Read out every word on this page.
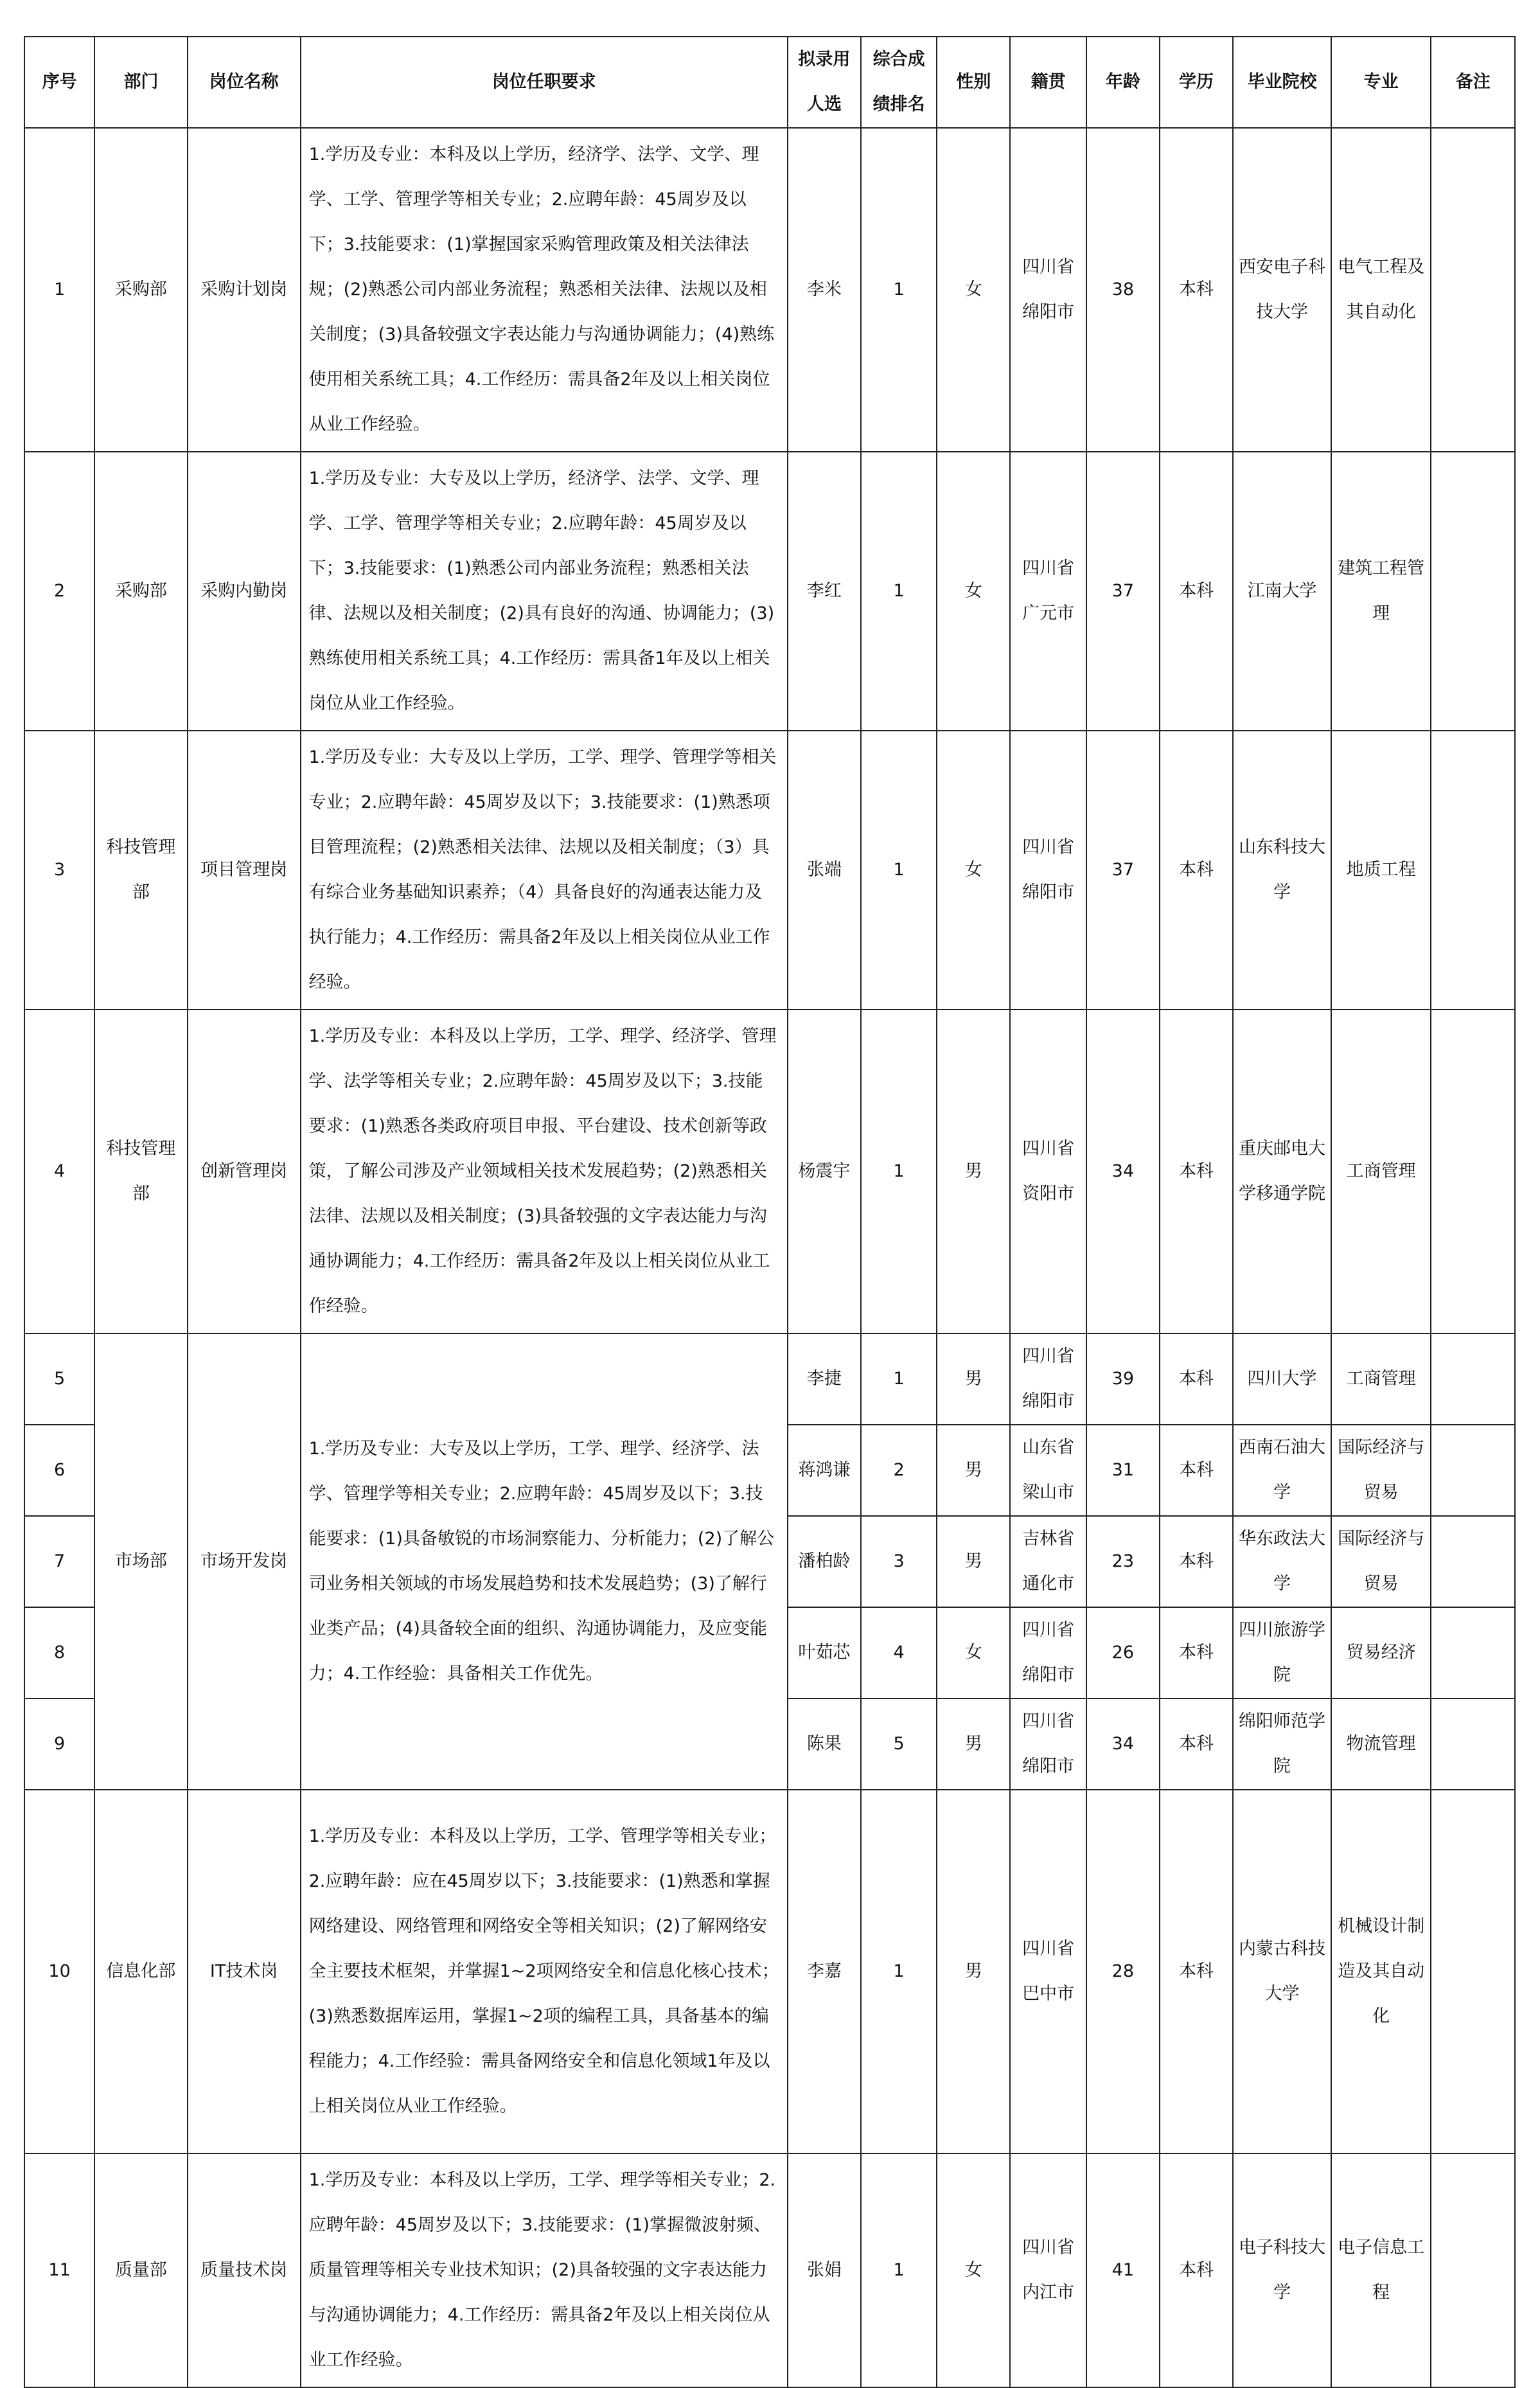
序号	部门	岗位名称	岗位任职要求	拟录用人选	综合成绩排名	性别	籍贯	年龄	学历	毕业院校	专业	备注
1	采购部	采购计划岗	1.学历及专业：本科及以上学历，经济学、法学、文学、理学、工学、管理学等相关专业；2.应聘年龄：45周岁及以下；3.技能要求：(1)掌握国家采购管理政策及相关法律法规；(2)熟悉公司内部业务流程；熟悉相关法律、法规以及相关制度；(3)具备较强文字表达能力与沟通协调能力；(4)熟练使用相关系统工具；4.工作经历：需具备2年及以上相关岗位从业工作经验。	李米	1	女	四川省绵阳市	38	本科	西安电子科技大学	电气工程及其自动化	
2	采购部	采购内勤岗	1.学历及专业：大专及以上学历，经济学、法学、文学、理学、工学、管理学等相关专业；2.应聘年龄：45周岁及以下；3.技能要求：(1)熟悉公司内部业务流程；熟悉相关法律、法规以及相关制度；(2)具有良好的沟通、协调能力；(3)熟练使用相关系统工具；4.工作经历：需具备1年及以上相关岗位从业工作经验。	李红	1	女	四川省广元市	37	本科	江南大学	建筑工程管理	
3	科技管理部	项目管理岗	1.学历及专业：大专及以上学历，工学、理学、管理学等相关专业；2.应聘年龄：45周岁及以下；3.技能要求：(1)熟悉项目管理流程；(2)熟悉相关法律、法规以及相关制度；（3）具有综合业务基础知识素养；（4）具备良好的沟通表达能力及执行能力；4.工作经历：需具备2年及以上相关岗位从业工作经验。	张端	1	女	四川省绵阳市	37	本科	山东科技大学	地质工程	
4	科技管理部	创新管理岗	1.学历及专业：本科及以上学历，工学、理学、经济学、管理学、法学等相关专业；2.应聘年龄：45周岁及以下；3.技能要求：(1)熟悉各类政府项目申报、平台建设、技术创新等政策，了解公司涉及产业领域相关技术发展趋势；(2)熟悉相关法律、法规以及相关制度；(3)具备较强的文字表达能力与沟通协调能力；4.工作经历：需具备2年及以上相关岗位从业工作经验。	杨震宇	1	男	四川省资阳市	34	本科	重庆邮电大学移通学院	工商管理	
5	市场部	市场开发岗	1.学历及专业：大专及以上学历，工学、理学、经济学、法学、管理学等相关专业；2.应聘年龄：45周岁及以下；3.技能要求：(1)具备敏锐的市场洞察能力、分析能力；(2)了解公司业务相关领域的市场发展趋势和技术发展趋势；(3)了解行业类产品；(4)具备较全面的组织、沟通协调能力，及应变能力；4.工作经验：具备相关工作优先。	李捷	1	男	四川省绵阳市	39	本科	四川大学	工商管理	
6				蒋鸿谦	2	男	山东省梁山市	31	本科	西南石油大学	国际经济与贸易	
7				潘柏龄	3	男	吉林省通化市	23	本科	华东政法大学	国际经济与贸易	
8				叶茹芯	4	女	四川省绵阳市	26	本科	四川旅游学院	贸易经济	
9				陈果	5	男	四川省绵阳市	34	本科	绵阳师范学院	物流管理	
10	信息化部	IT技术岗	1.学历及专业：本科及以上学历，工学、管理学等相关专业；2.应聘年龄：应在45周岁以下；3.技能要求：(1)熟悉和掌握网络建设、网络管理和网络安全等相关知识；(2)了解网络安全主要技术框架，并掌握1~2项网络安全和信息化核心技术；(3)熟悉数据库运用，掌握1~2项的编程工具，具备基本的编程能力；4.工作经验：需具备网络安全和信息化领域1年及以上相关岗位从业工作经验。	李嘉	1	男	四川省巴中市	28	本科	内蒙古科技大学	机械设计制造及其自动化	
11	质量部	质量技术岗	1.学历及专业：本科及以上学历，工学、理学等相关专业；2.应聘年龄：45周岁及以下；3.技能要求：(1)掌握微波射频、质量管理等相关专业技术知识；(2)具备较强的文字表达能力与沟通协调能力；4.工作经历：需具备2年及以上相关岗位从业工作经验。	张娟	1	女	四川省内江市	41	本科	电子科技大学	电子信息工程	
